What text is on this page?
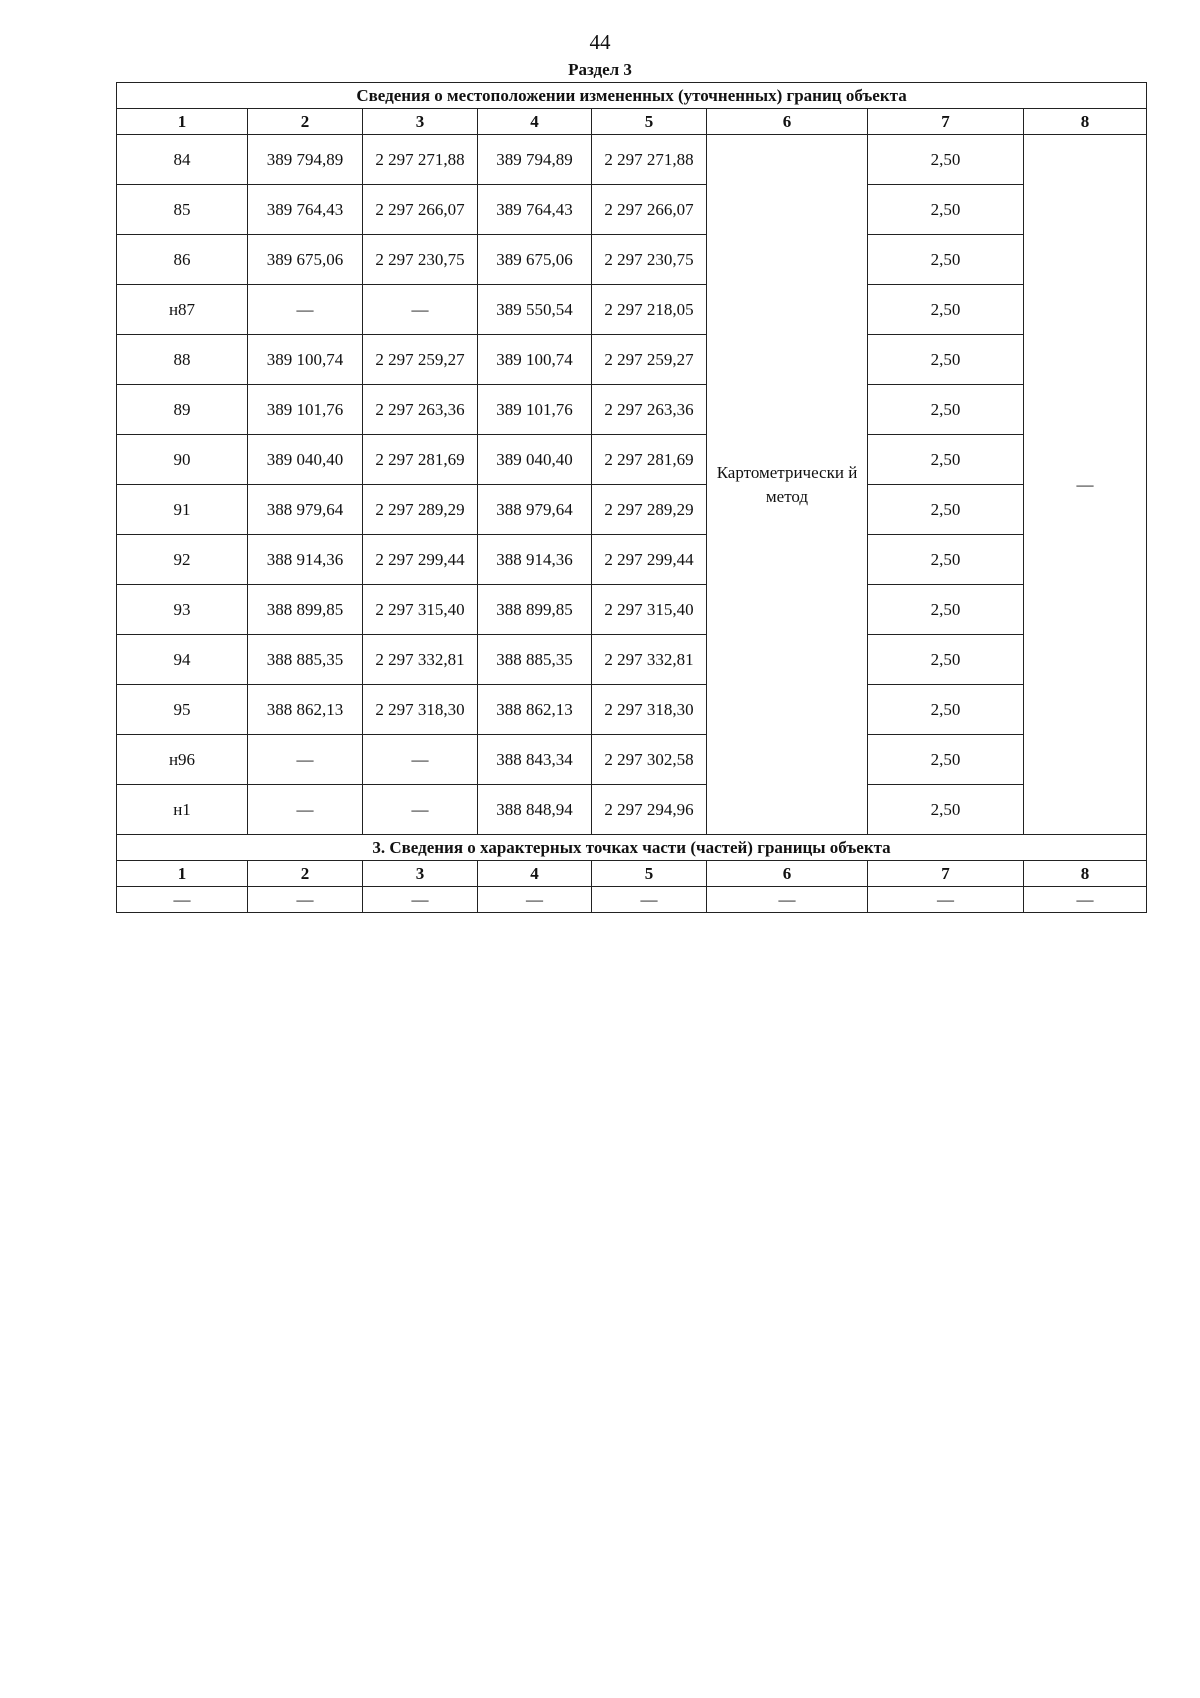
44
Раздел 3
Сведения о местоположении измененных (уточненных) границ объекта							
1	2	3	4	5	6	7	8
84	389 794,89	2 297 271,88	389 794,89	2 297 271,88	Картометрически й метод	2,50	—
85	389 764,43	2 297 266,07	389 764,43	2 297 266,07		2,50	
86	389 675,06	2 297 230,75	389 675,06	2 297 230,75		2,50	
н87	—	—	389 550,54	2 297 218,05		2,50	
88	389 100,74	2 297 259,27	389 100,74	2 297 259,27		2,50	
89	389 101,76	2 297 263,36	389 101,76	2 297 263,36		2,50	
90	389 040,40	2 297 281,69	389 040,40	2 297 281,69		2,50	
91	388 979,64	2 297 289,29	388 979,64	2 297 289,29		2,50	
92	388 914,36	2 297 299,44	388 914,36	2 297 299,44		2,50	
93	388 899,85	2 297 315,40	388 899,85	2 297 315,40		2,50	
94	388 885,35	2 297 332,81	388 885,35	2 297 332,81		2,50	
95	388 862,13	2 297 318,30	388 862,13	2 297 318,30		2,50	
н96	—	—	388 843,34	2 297 302,58		2,50	
н1	—	—	388 848,94	2 297 294,96		2,50	
3. Сведения о характерных точках части (частей) границы объекта							
1	2	3	4	5	6	7	8
—	—	—	—	—	—	—	—
